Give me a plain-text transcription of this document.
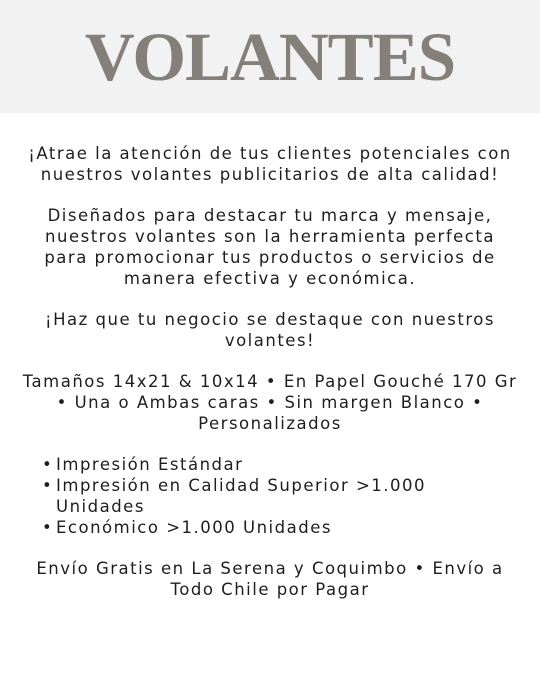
VOLANTES

¡Atrae la atención de tus clientes potenciales con nuestros volantes publicitarios de alta calidad!

Diseñados para destacar tu marca y mensaje, nuestros volantes son la herramienta perfecta para promocionar tus productos o servicios de manera efectiva y económica.

¡Haz que tu negocio se destaque con nuestros volantes!

Tamaños 14x21 & 10x14 • En Papel Gouché 170 Gr • Una o Ambas caras • Sin margen Blanco • Personalizados

• Impresión Estándar
• Impresión en Calidad Superior >1.000 Unidades
• Económico >1.000 Unidades

Envío Gratis en La Serena y Coquimbo • Envío a Todo Chile por Pagar
